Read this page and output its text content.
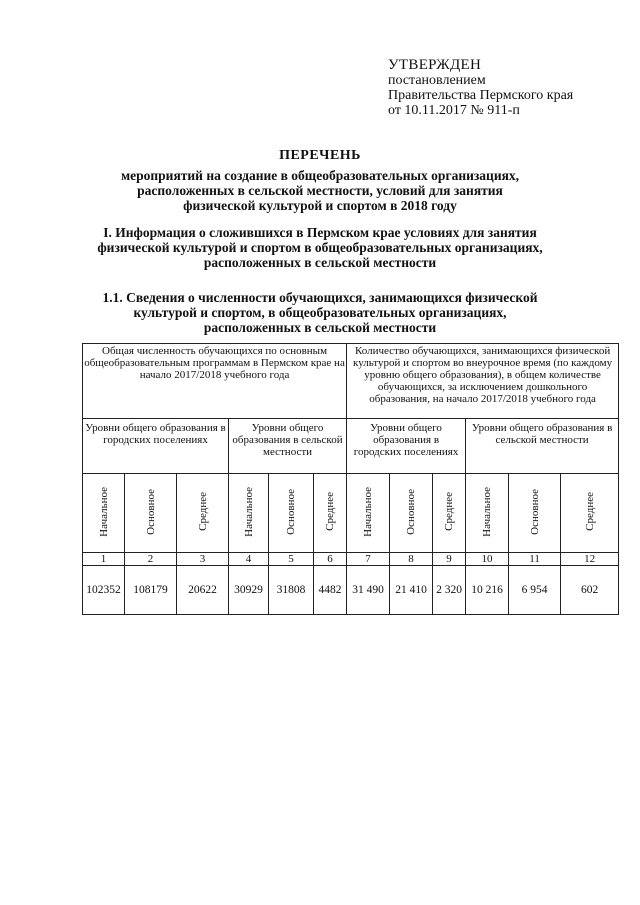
УТВЕРЖДЕН
постановлением
Правительства Пермского края
от 10.11.2017 № 911-п
ПЕРЕЧЕНЬ
мероприятий на создание в общеобразовательных организациях,
расположенных в сельской местности, условий для занятия
физической культурой и спортом в 2018 году
I. Информация о сложившихся в Пермском крае условиях для занятия
физической культурой и спортом в общеобразовательных организациях,
расположенных в сельской местности
1.1. Сведения о численности обучающихся, занимающихся физической
культурой и спортом, в общеобразовательных организациях,
расположенных в сельской местности
Общая численность обучающихся по основным общеобразовательным программам в Пермском крае на начало 2017/2018 учебного года						Количество обучающихся, занимающихся физической культурой и спортом во внеурочное время (по каждому уровню общего образования), в общем количестве обучающихся, за исключением дошкольного образования, на начало 2017/2018 учебного года					
Уровни общего образования в городских поселениях			Уровни общего образования в сельской местности			Уровни общего образования в городских поселениях			Уровни общего образования в сельской местности		
Начальное	Основное	Среднее	Начальное	Основное	Среднее	Начальное	Основное	Среднее	Начальное	Основное	Среднее
1	2	3	4	5	6	7	8	9	10	11	12
102352	108179	20622	30929	31808	4482	31 490	21 410	2 320	10 216	6 954	602
